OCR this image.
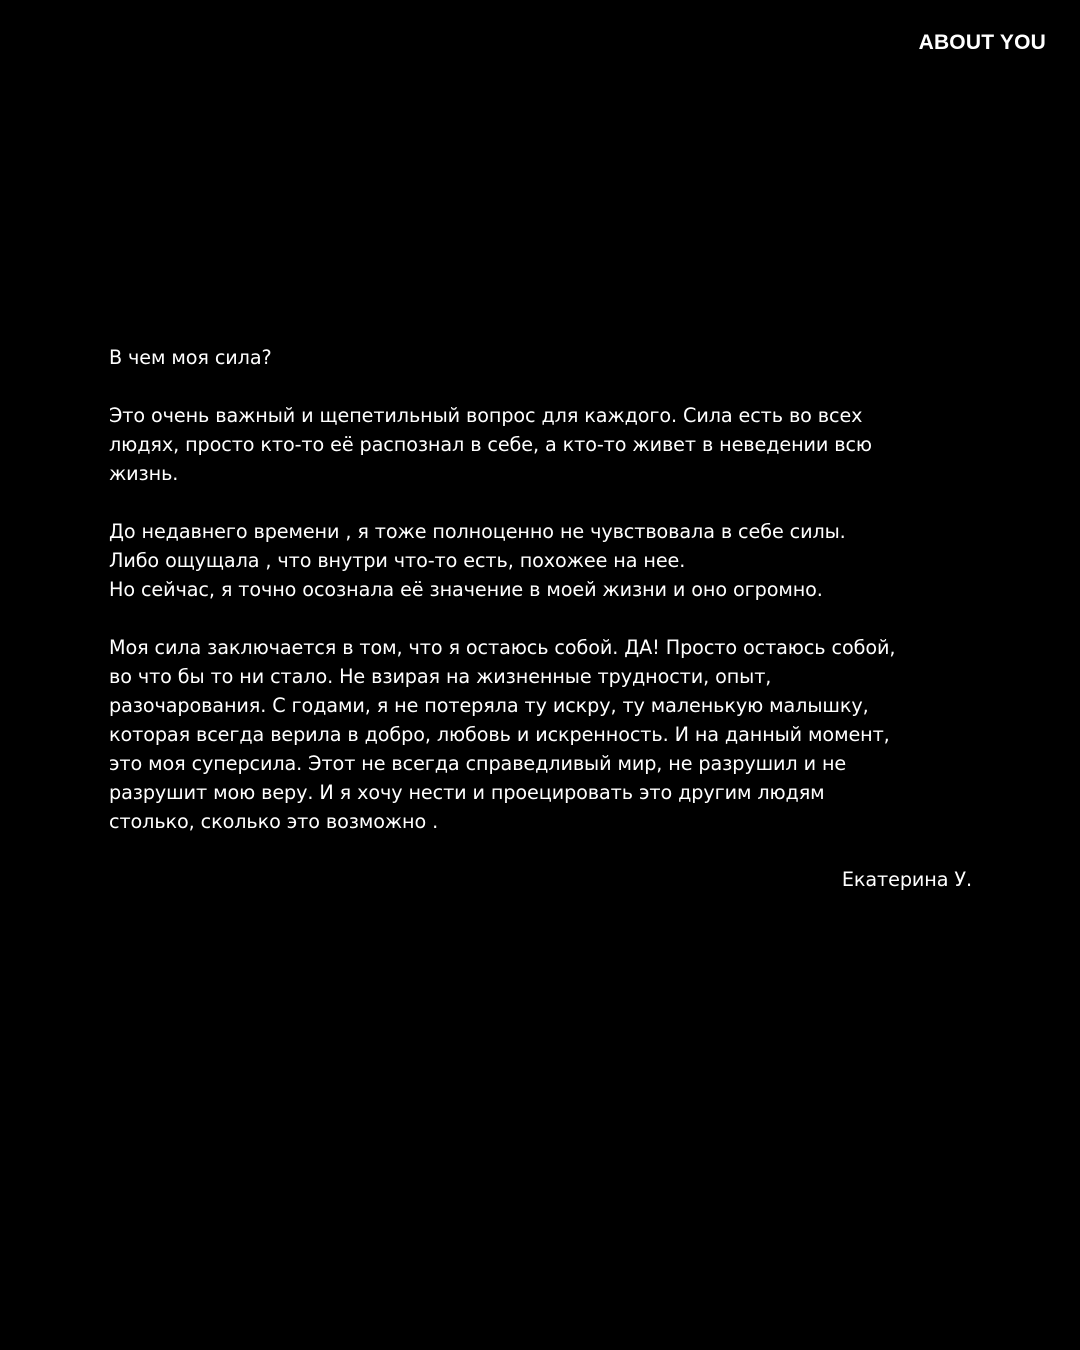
ABOUT YOU

В чем моя сила?

Это очень важный и щепетильный вопрос для каждого. Сила есть во всех
людях, просто кто-то её распознал в себе, а кто-то живет в неведении всю
жизнь.

До недавнего времени , я тоже полноценно не чувствовала в себе силы.
Либо ощущала , что внутри что-то есть, похожее на нее.
Но сейчас, я точно осознала её значение в моей жизни и оно огромно.

Моя сила заключается в том, что я остаюсь собой. ДА! Просто остаюсь собой,
во что бы то ни стало. Не взирая на жизненные трудности, опыт,
разочарования. С годами, я не потеряла ту искру, ту маленькую малышку,
которая всегда верила в добро, любовь и искренность. И на данный момент,
это моя суперсила. Этот не всегда справедливый мир, не разрушил и не
разрушит мою веру. И я хочу нести и проецировать это другим людям
столько, сколько это возможно .

Екатерина У.
